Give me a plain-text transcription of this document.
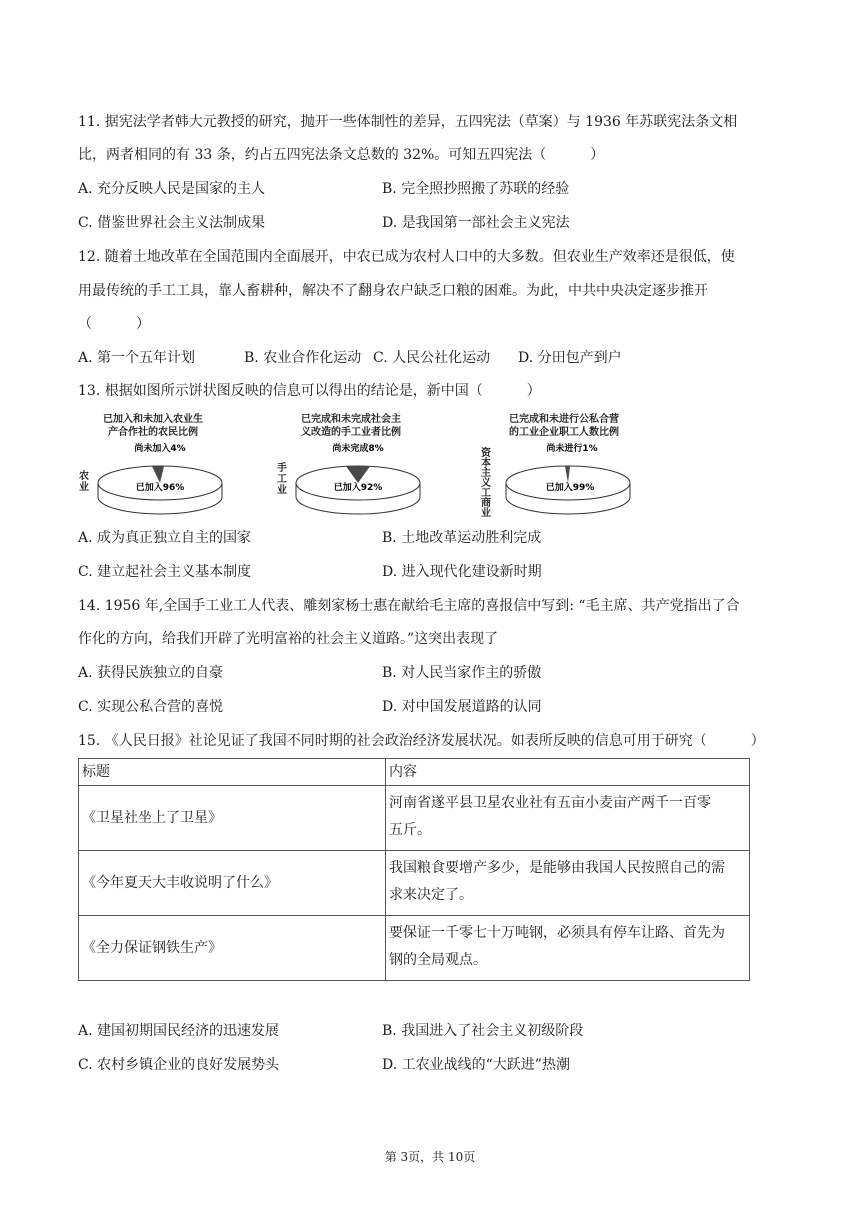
11. 据宪法学者韩大元教授的研究，抛开一些体制性的差异，五四宪法（草案）与 1936 年苏联宪法条文相
比，两者相同的有 33 条，约占五四宪法条文总数的 32%。可知五四宪法（	）
A. 充分反映人民是国家的主人	B. 完全照抄照搬了苏联的经验
C. 借鉴世界社会主义法制成果	D. 是我国第一部社会主义宪法
12. 随着土地改革在全国范围内全面展开，中农已成为农村人口中的大多数。但农业生产效率还是很低，使
用最传统的手工工具，靠人畜耕种，解决不了翻身农户缺乏口粮的困难。为此，中共中央决定逐步推开
（	）
A. 第一个五年计划	B. 农业合作化运动 C. 人民公社化运动 D. 分田包产到户
13. 根据如图所示饼状图反映的信息可以得出的结论是，新中国（	）
已加入和未加入农业生
产合作社的农民比例
农业
尚未加入4%
已加入96%
已完成和未完成社会主
义改造的手工业者比例
手工业
尚未完成8%
已加入92%
已完成和未进行公私合营
的工业企业职工人数比例
资本主义工商业
尚未进行1%
已加入99%
A. 成为真正独立自主的国家	B. 土地改革运动胜利完成
C. 建立起社会主义基本制度	D. 进入现代化建设新时期
14. 1956 年,全国手工业工人代表、雕刻家杨士惠在献给毛主席的喜报信中写到: “毛主席、共产党指出了合
作化的方向，给我们开辟了光明富裕的社会主义道路。”这突出表现了
A. 获得民族独立的自豪	B. 对人民当家作主的骄傲
C. 实现公私合营的喜悦	D. 对中国发展道路的认同
15. 《人民日报》社论见证了我国不同时期的社会政治经济发展状况。如表所反映的信息可用于研究（	）
标题	内容
《卫星社坐上了卫星》	河南省遂平县卫星农业社有五亩小麦亩产两千一百零
五斤。
《今年夏天大丰收说明了什么》	我国粮食要增产多少，是能够由我国人民按照自己的需
求来决定了。
《全力保证钢铁生产》	要保证一千零七十万吨钢，必须具有停车让路、首先为
钢的全局观点。
A. 建国初期国民经济的迅速发展	B. 我国进入了社会主义初级阶段
C. 农村乡镇企业的良好发展势头	D. 工农业战线的“大跃进”热潮
第 3页，共 10页
